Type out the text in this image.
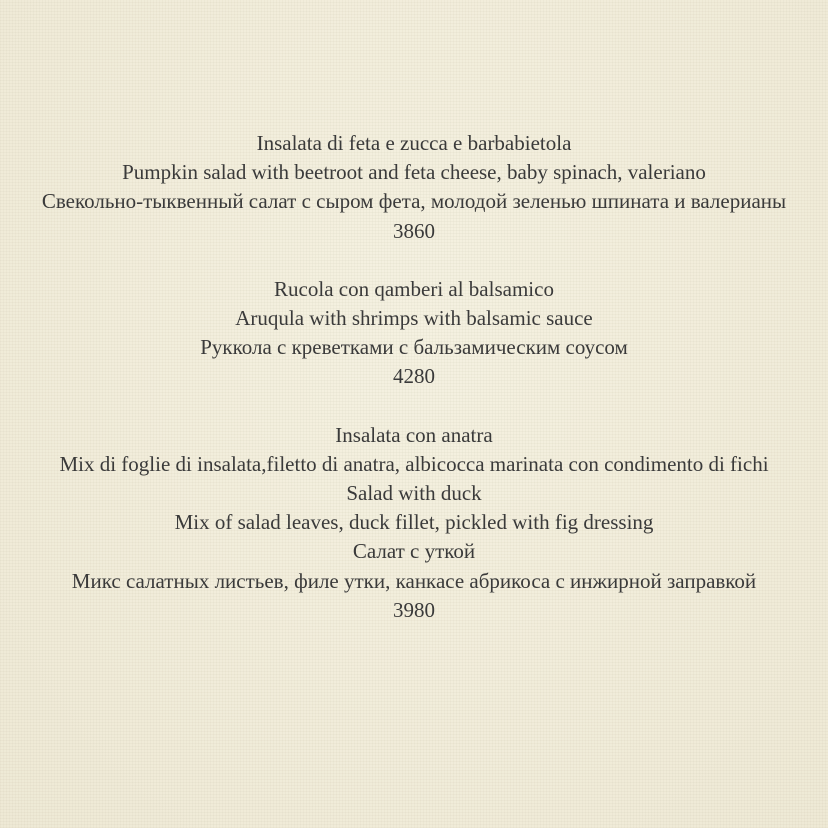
Insalata di feta e zucca e barbabietola
Pumpkin salad with beetroot and feta cheese, baby spinach, valeriano
Свекольно-тыквенный салат с сыром фета, молодой зеленью шпината и валерианы
3860
Rucola con qamberi al balsamico
Aruqula with shrimps with balsamic sauce
Руккола с креветками с бальзамическим соусом
4280
Insalata con anatra
Mix di foglie di insalata,filetto di anatra, albicocca marinata con condimento di fichi
Salad with duck
Mix of salad leaves, duck fillet, pickled with fig dressing
Салат с уткой
Микс салатных листьев, филе утки, канкасе абрикоса с инжирной заправкой
3980
